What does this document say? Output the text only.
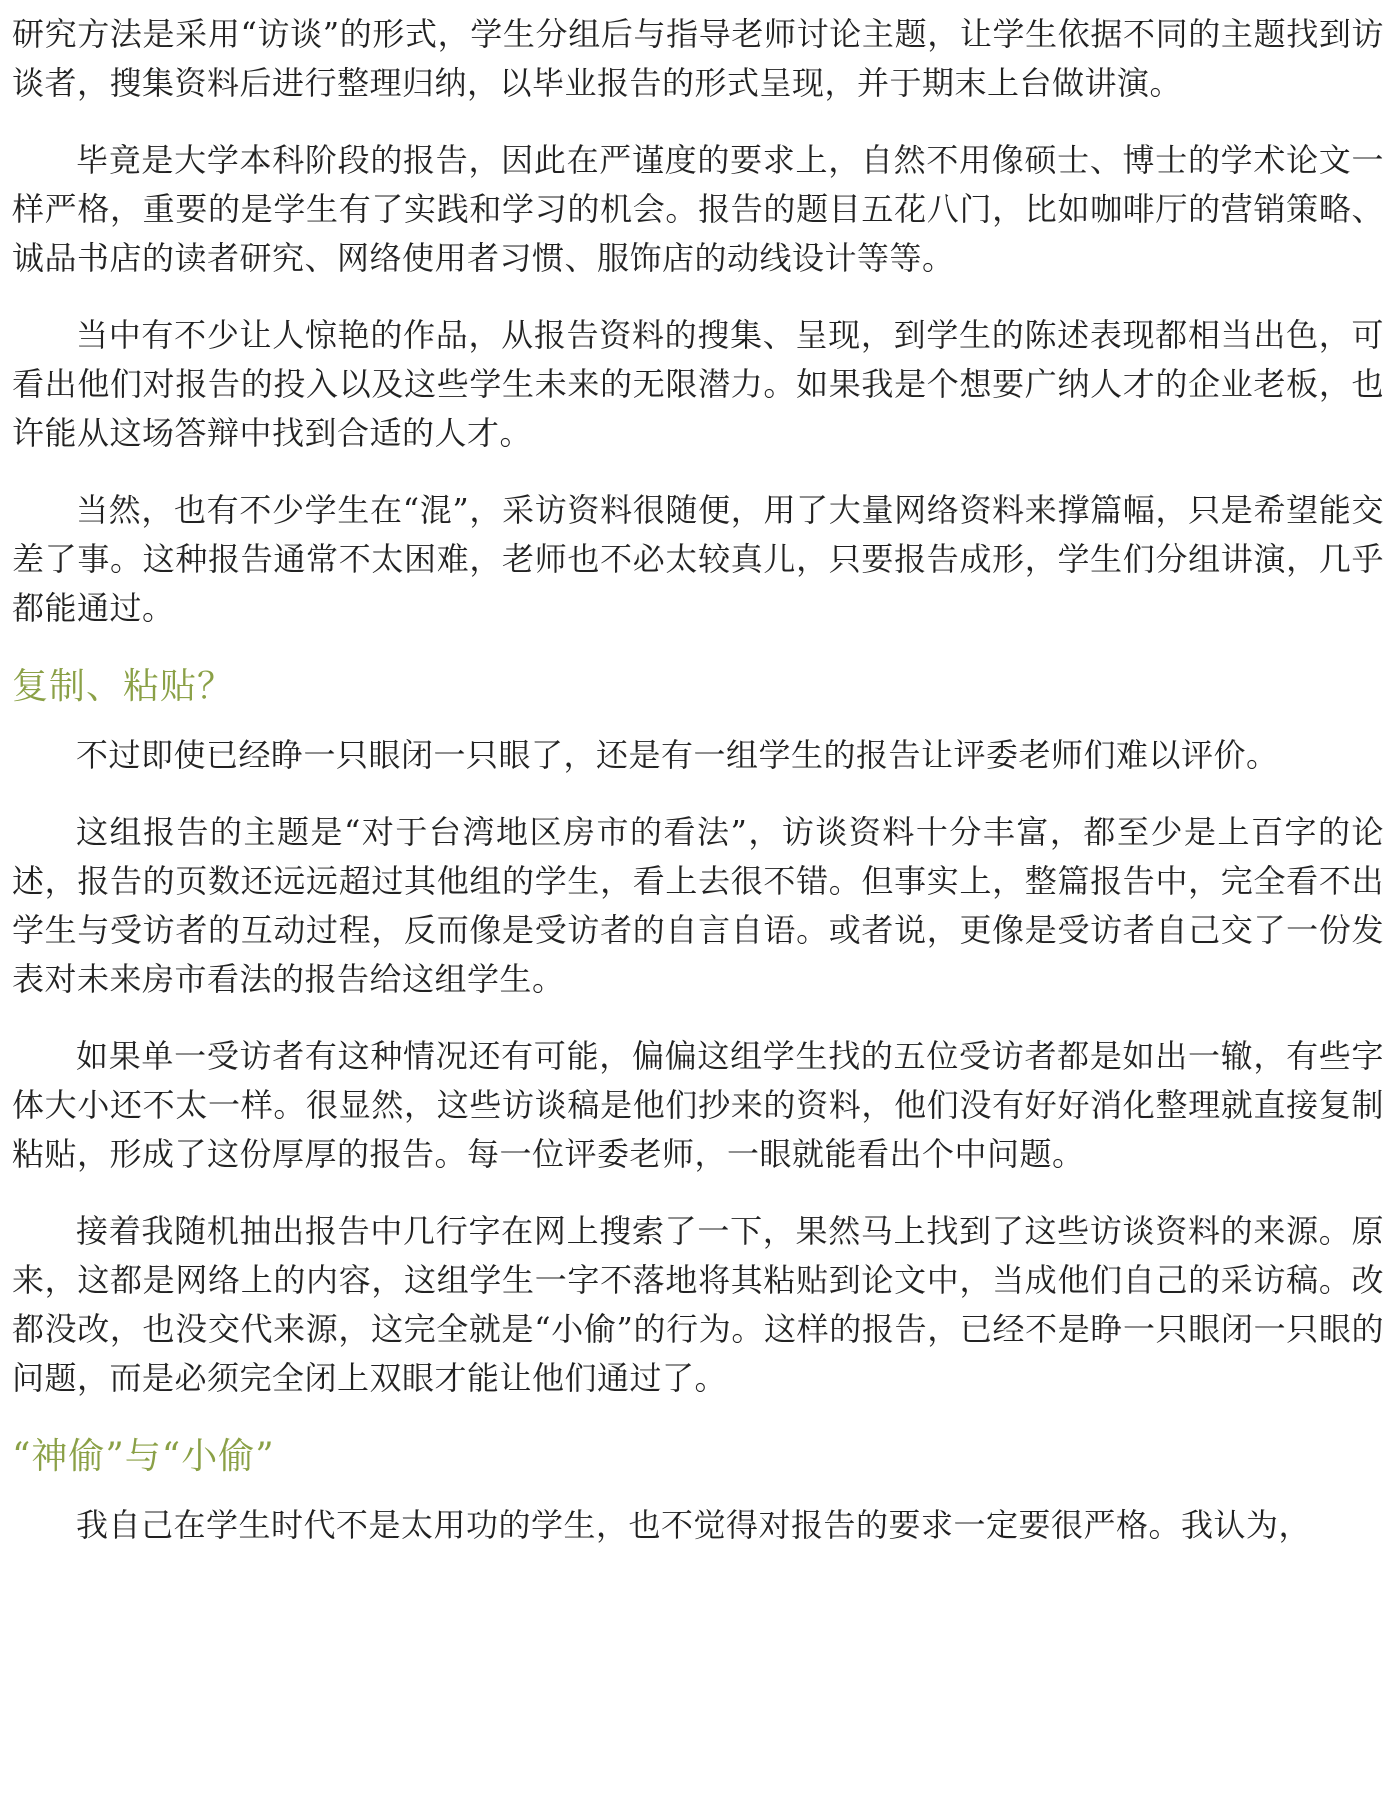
研究方法是采用“访谈”的形式，学生分组后与指导老师讨论主题，让学生依据不同的主题找到访谈者，搜集资料后进行整理归纳，以毕业报告的形式呈现，并于期末上台做讲演。

毕竟是大学本科阶段的报告，因此在严谨度的要求上，自然不用像硕士、博士的学术论文一样严格，重要的是学生有了实践和学习的机会。报告的题目五花八门，比如咖啡厅的营销策略、诚品书店的读者研究、网络使用者习惯、服饰店的动线设计等等。

当中有不少让人惊艳的作品，从报告资料的搜集、呈现，到学生的陈述表现都相当出色，可看出他们对报告的投入以及这些学生未来的无限潜力。如果我是个想要广纳人才的企业老板，也许能从这场答辩中找到合适的人才。

当然，也有不少学生在“混”，采访资料很随便，用了大量网络资料来撑篇幅，只是希望能交差了事。这种报告通常不太困难，老师也不必太较真儿，只要报告成形，学生们分组讲演，几乎都能通过。

复制、粘贴？

不过即使已经睁一只眼闭一只眼了，还是有一组学生的报告让评委老师们难以评价。

这组报告的主题是“对于台湾地区房市的看法”，访谈资料十分丰富，都至少是上百字的论述，报告的页数还远远超过其他组的学生，看上去很不错。但事实上，整篇报告中，完全看不出学生与受访者的互动过程，反而像是受访者的自言自语。或者说，更像是受访者自己交了一份发表对未来房市看法的报告给这组学生。

如果单一受访者有这种情况还有可能，偏偏这组学生找的五位受访者都是如出一辙，有些字体大小还不太一样。很显然，这些访谈稿是他们抄来的资料，他们没有好好消化整理就直接复制粘贴，形成了这份厚厚的报告。每一位评委老师，一眼就能看出个中问题。

接着我随机抽出报告中几行字在网上搜索了一下，果然马上找到了这些访谈资料的来源。原来，这都是网络上的内容，这组学生一字不落地将其粘贴到论文中，当成他们自己的采访稿。改都没改，也没交代来源，这完全就是“小偷”的行为。这样的报告，已经不是睁一只眼闭一只眼的问题，而是必须完全闭上双眼才能让他们通过了。

“神偷”与“小偷”

我自己在学生时代不是太用功的学生，也不觉得对报告的要求一定要很严格。我认为，
